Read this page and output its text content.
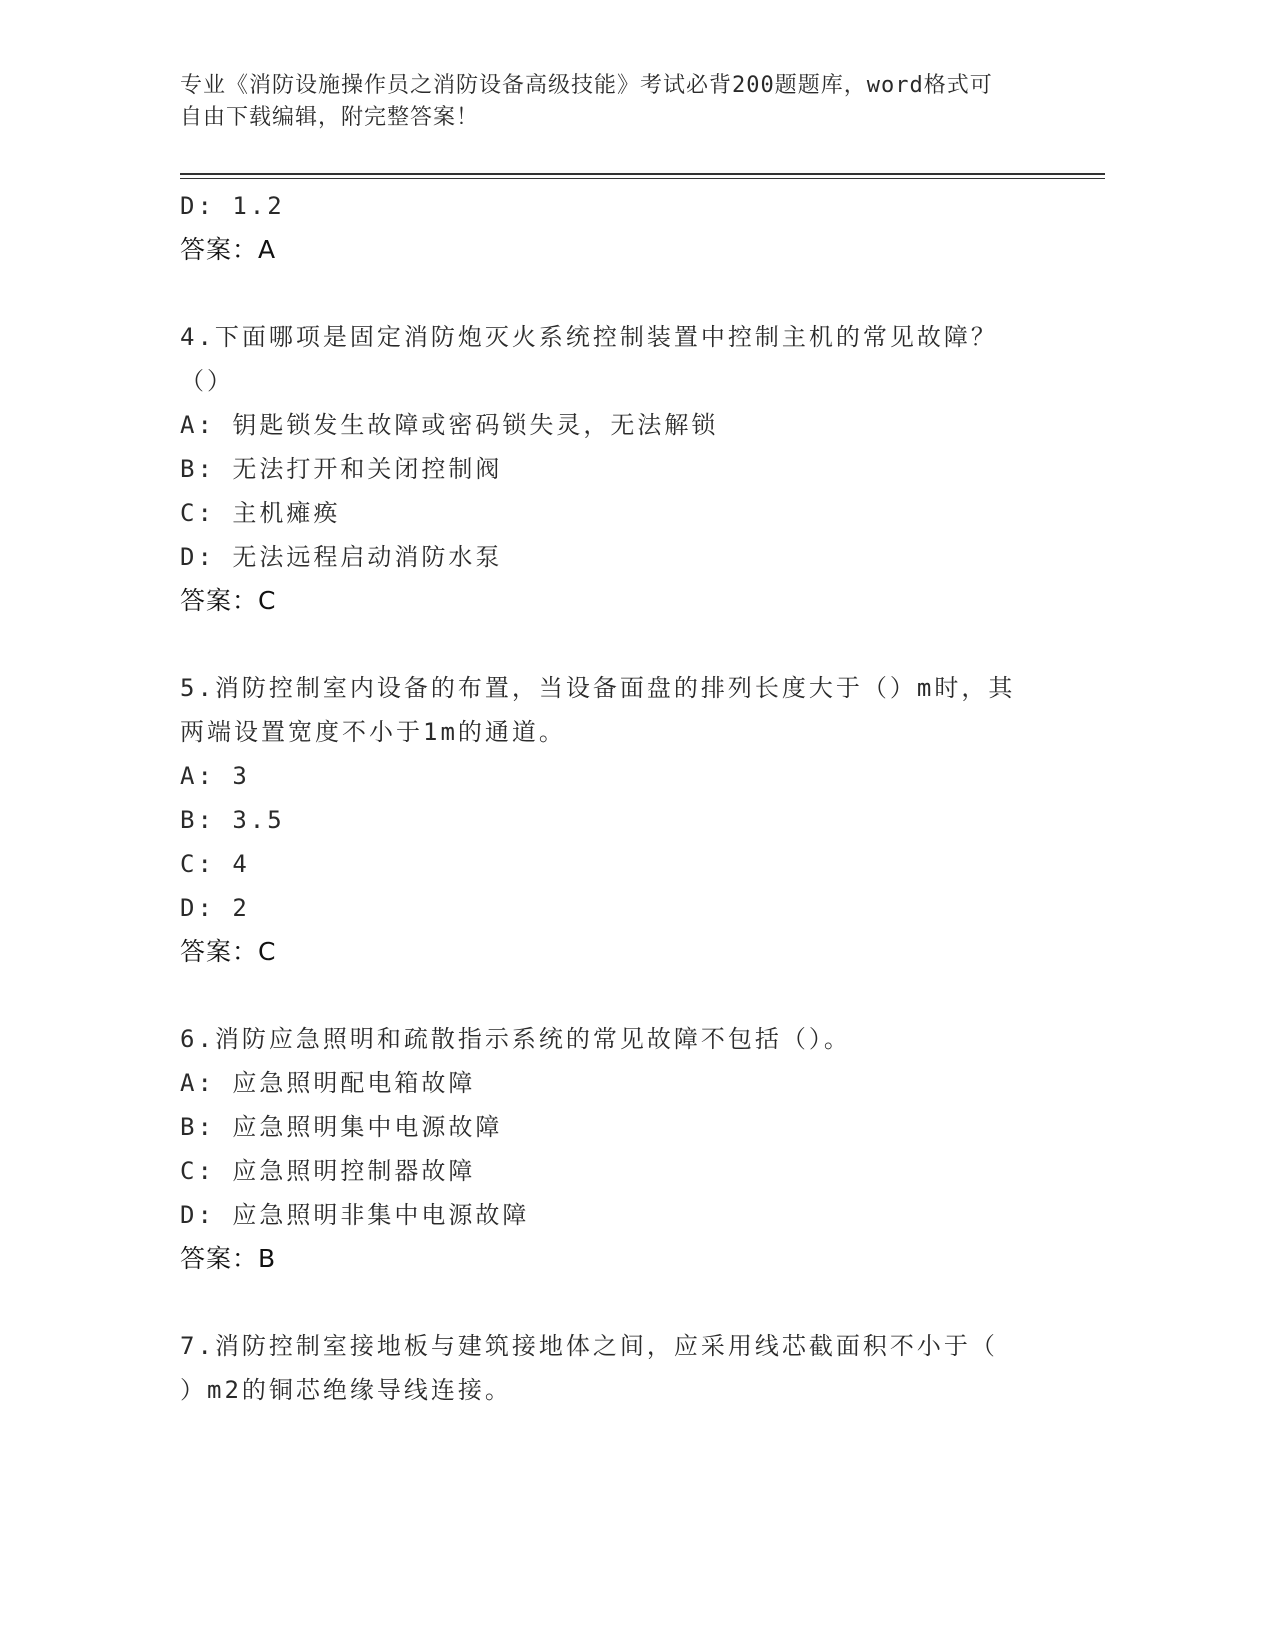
专业《消防设施操作员之消防设备高级技能》考试必背200题题库，word格式可
自由下载编辑，附完整答案！
D: 1.2
答案：A
4.下面哪项是固定消防炮灭火系统控制装置中控制主机的常见故障？
（）
A: 钥匙锁发生故障或密码锁失灵，无法解锁
B: 无法打开和关闭控制阀
C: 主机瘫痪
D: 无法远程启动消防水泵
答案：C
5.消防控制室内设备的布置，当设备面盘的排列长度大于（）m时，其
两端设置宽度不小于1m的通道。
A: 3
B: 3.5
C: 4
D: 2
答案：C
6.消防应急照明和疏散指示系统的常见故障不包括（）。
A: 应急照明配电箱故障
B: 应急照明集中电源故障
C: 应急照明控制器故障
D: 应急照明非集中电源故障
答案：B
7.消防控制室接地板与建筑接地体之间，应采用线芯截面积不小于（
）m2的铜芯绝缘导线连接。
